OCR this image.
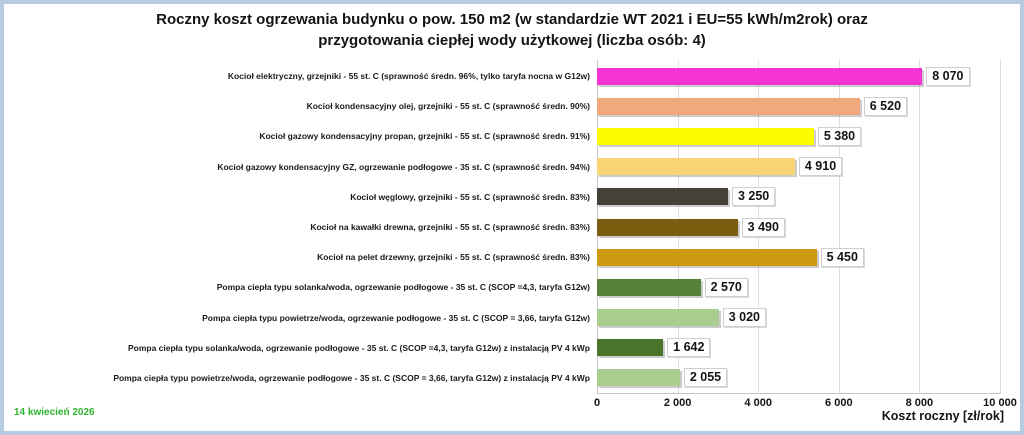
Roczny koszt ogrzewania budynku o pow. 150 m2 (w standardzie WT 2021 i EU=55 kWh/m2rok) oraz
przygotowania ciepłej wody użytkowej (liczba osób: 4)
Kocioł elektryczny, grzejniki - 55 st. C (sprawność średn. 96%, tylko taryfa nocna w G12w)	8 070
Kocioł kondensacyjny olej, grzejniki - 55 st. C (sprawność średn. 90%)	6 520
Kocioł gazowy kondensacyjny propan, grzejniki - 55 st. C (sprawność średn. 91%)	5 380
Kocioł gazowy kondensacyjny GZ, ogrzewanie podłogowe - 35 st. C (sprawność średn. 94%)	4 910
Kocioł węglowy, grzejniki - 55 st. C (sprawność średn. 83%)	3 250
Kocioł na kawałki drewna, grzejniki - 55 st. C (sprawność średn. 83%)	3 490
Kocioł na pelet drzewny, grzejniki - 55 st. C (sprawność średn. 83%)	5 450
Pompa ciepła typu solanka/woda, ogrzewanie podłogowe - 35 st. C (SCOP =4,3, taryfa G12w)	2 570
Pompa ciepła typu powietrze/woda, ogrzewanie podłogowe - 35 st. C (SCOP = 3,66, taryfa G12w)	3 020
Pompa ciepła typu solanka/woda, ogrzewanie podłogowe - 35 st. C (SCOP =4,3, taryfa G12w) z instalacją PV 4 kWp	1 642
Pompa ciepła typu powietrze/woda, ogrzewanie podłogowe - 35 st. C (SCOP = 3,66, taryfa G12w) z instalacją PV 4 kWp	2 055
0	2 000	4 000	6 000	8 000	10 000
14 kwiecień 2026	Koszt roczny [zł/rok]
